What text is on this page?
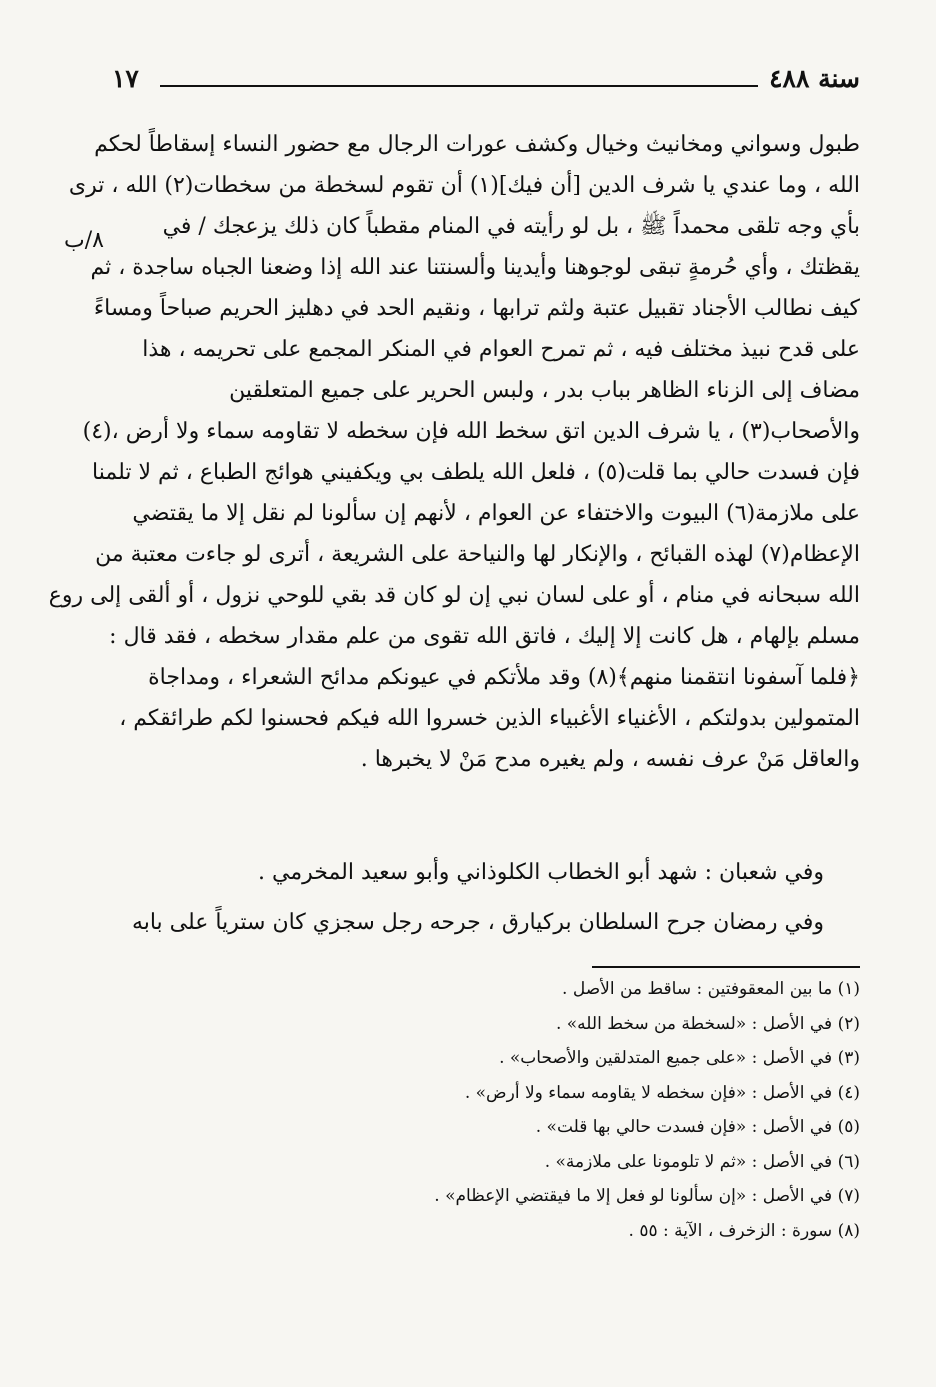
سنة ٤٨٨
١٧
٨/ب
طبول وسواني ومخانيث وخيال وكشف عورات الرجال مع حضور النساء إسقاطاً لحكم
الله ، وما عندي يا شرف الدين [أن فيك](١) أن تقوم لسخطة من سخطات(٢) الله ، ترى
بأي وجه تلقى محمداً ﷺ ، بل لو رأيته في المنام مقطباً كان ذلك يزعجك / في
يقظتك ، وأي حُرمةٍ تبقى لوجوهنا وأيدينا وألسنتنا عند الله إذا وضعنا الجباه ساجدة ، ثم
كيف نطالب الأجناد تقبيل عتبة ولثم ترابها ، ونقيم الحد في دهليز الحريم صباحاً ومساءً
على قدح نبيذ مختلف فيه ، ثم تمرح العوام في المنكر المجمع على تحريمه ، هذا
مضاف إلى الزناء الظاهر بباب بدر ، ولبس الحرير على جميع المتعلقين
والأصحاب(٣) ، يا شرف الدين اتق سخط الله فإن سخطه لا تقاومه سماء ولا أرض ،(٤)
فإن فسدت حالي بما قلت(٥) ، فلعل الله يلطف بي ويكفيني هوائج الطباع ، ثم لا تلمنا
على ملازمة(٦) البيوت والاختفاء عن العوام ، لأنهم إن سألونا لم نقل إلا ما يقتضي
الإعظام(٧) لهذه القبائح ، والإنكار لها والنياحة على الشريعة ، أترى لو جاءت معتبة من
الله سبحانه في منام ، أو على لسان نبي إن لو كان قد بقي للوحي نزول ، أو ألقى إلى روع
مسلم بإلهام ، هل كانت إلا إليك ، فاتق الله تقوى من علم مقدار سخطه ، فقد قال :
﴿فلما آسفونا انتقمنا منهم﴾(٨) وقد ملأتكم في عيونكم مدائح الشعراء ، ومداجاة
المتمولين بدولتكم ، الأغنياء الأغبياء الذين خسروا الله فيكم فحسنوا لكم طرائقكم ،
والعاقل مَنْ عرف نفسه ، ولم يغيره مدح مَنْ لا يخبرها .
وفي شعبان : شهد أبو الخطاب الكلوذاني وأبو سعيد المخرمي .
وفي رمضان جرح السلطان بركيارق ، جرحه رجل سجزي كان سترياً على بابه
(١) ما بين المعقوفتين : ساقط من الأصل .
(٢) في الأصل : «لسخطة من سخط الله» .
(٣) في الأصل : «على جميع المتدلقين والأصحاب» .
(٤) في الأصل : «فإن سخطه لا يقاومه سماء ولا أرض» .
(٥) في الأصل : «فإن فسدت حالي بها قلت» .
(٦) في الأصل : «ثم لا تلومونا على ملازمة» .
(٧) في الأصل : «إن سألونا لو فعل إلا ما فيقتضي الإعظام» .
(٨) سورة : الزخرف ، الآية : ٥٥ .
